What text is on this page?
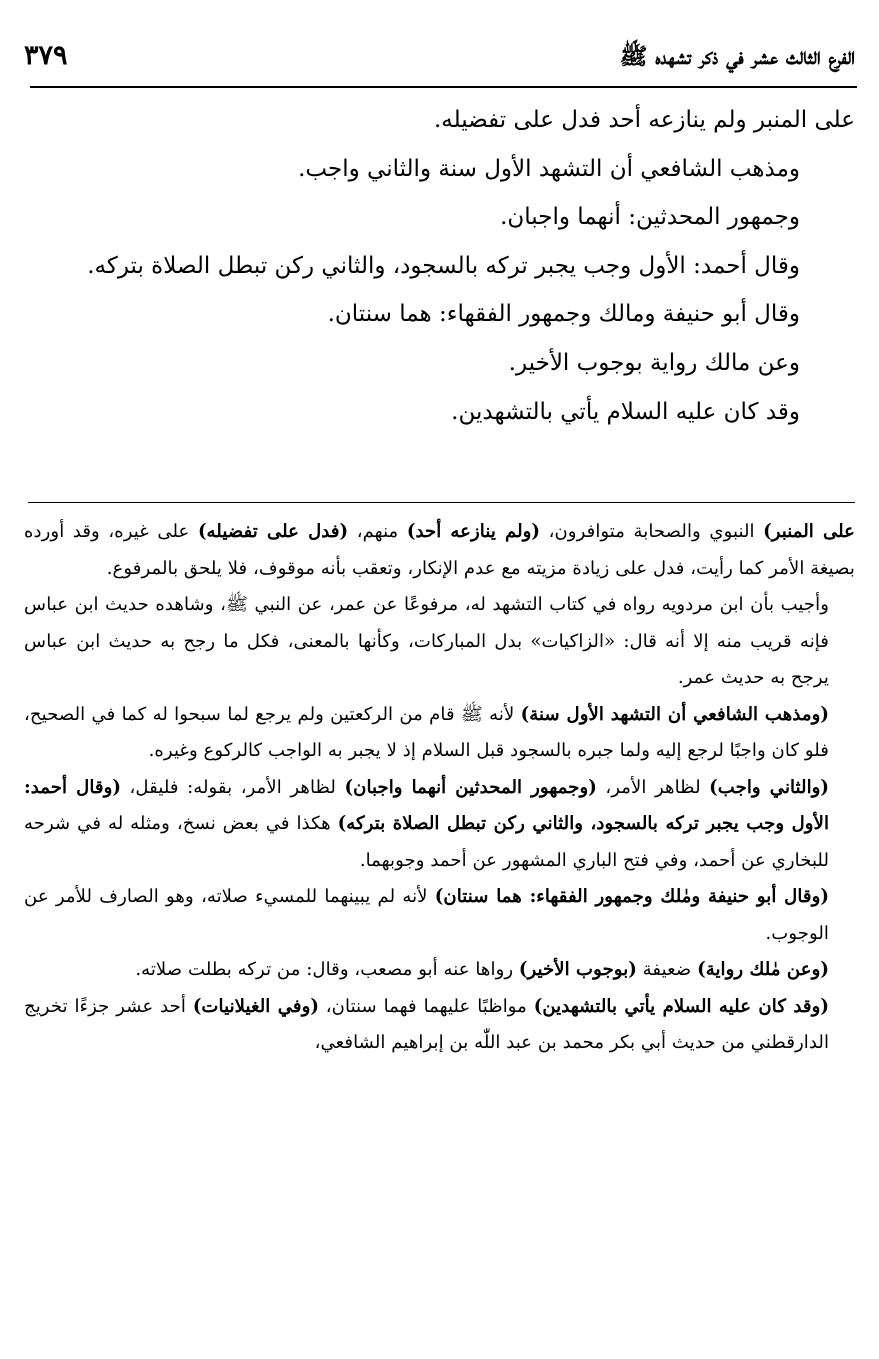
الفرع الثالث عشر في ذكر تشهده ﷺ
٣٧٩

على المنبر ولم ينازعه أحد فدل على تفضيله.

ومذهب الشافعي أن التشهد الأول سنة والثاني واجب.

وجمهور المحدثين: أنهما واجبان.

وقال أحمد: الأول وجب يجبر تركه بالسجود، والثاني ركن تبطل الصلاة بتركه.

وقال أبو حنيفة ومالك وجمهور الفقهاء: هما سنتان.

وعن مالك رواية بوجوب الأخير.

وقد كان عليه السلام يأتي بالتشهدين.

على المنبر) النبوي والصحابة متوافرون، (ولم ينازعه أحد) منهم، (فدل على تفضيله) على غيره، وقد أورده بصيغة الأمر كما رأيت، فدل على زيادة مزيته مع عدم الإنكار، وتعقب بأنه موقوف، فلا يلحق بالمرفوع.

وأجيب بأن ابن مردويه رواه في كتاب التشهد له، مرفوعًا عن عمر، عن النبي ﷺ، وشاهده حديث ابن عباس فإنه قريب منه إلا أنه قال: «الزاكيات» بدل المباركات، وكأنها بالمعنى، فكل ما رجح به حديث ابن عباس يرجح به حديث عمر.

(ومذهب الشافعي أن التشهد الأول سنة) لأنه ﷺ قام من الركعتين ولم يرجع لما سبحوا له كما في الصحيح، فلو كان واجبًا لرجع إليه ولما جبره بالسجود قبل السلام إذ لا يجبر به الواجب كالركوع وغيره.

(والثاني واجب) لظاهر الأمر، (وجمهور المحدثين أنهما واجبان) لظاهر الأمر، بقوله: فليقل، (وقال أحمد: الأول وجب يجبر تركه بالسجود، والثاني ركن تبطل الصلاة بتركه) هكذا في بعض نسخ، ومثله له في شرحه للبخاري عن أحمد، وفي فتح الباري المشهور عن أحمد وجوبهما.

(وقال أبو حنيفة ومٰلك وجمهور الفقهاء: هما سنتان) لأنه لم يبينهما للمسيء صلاته، وهو الصارف للأمر عن الوجوب.

(وعن مٰلك رواية) ضعيفة (بوجوب الأخير) رواها عنه أبو مصعب، وقال: من تركه بطلت صلاته.

(وقد كان عليه السلام يأتي بالتشهدين) مواظبًا عليهما فهما سنتان، (وفي الغيلانيات) أحد عشر جزءًا تخريج الدارقطني من حديث أبي بكر محمد بن عبد اللّٰه بن إبراهيم الشافعي،
